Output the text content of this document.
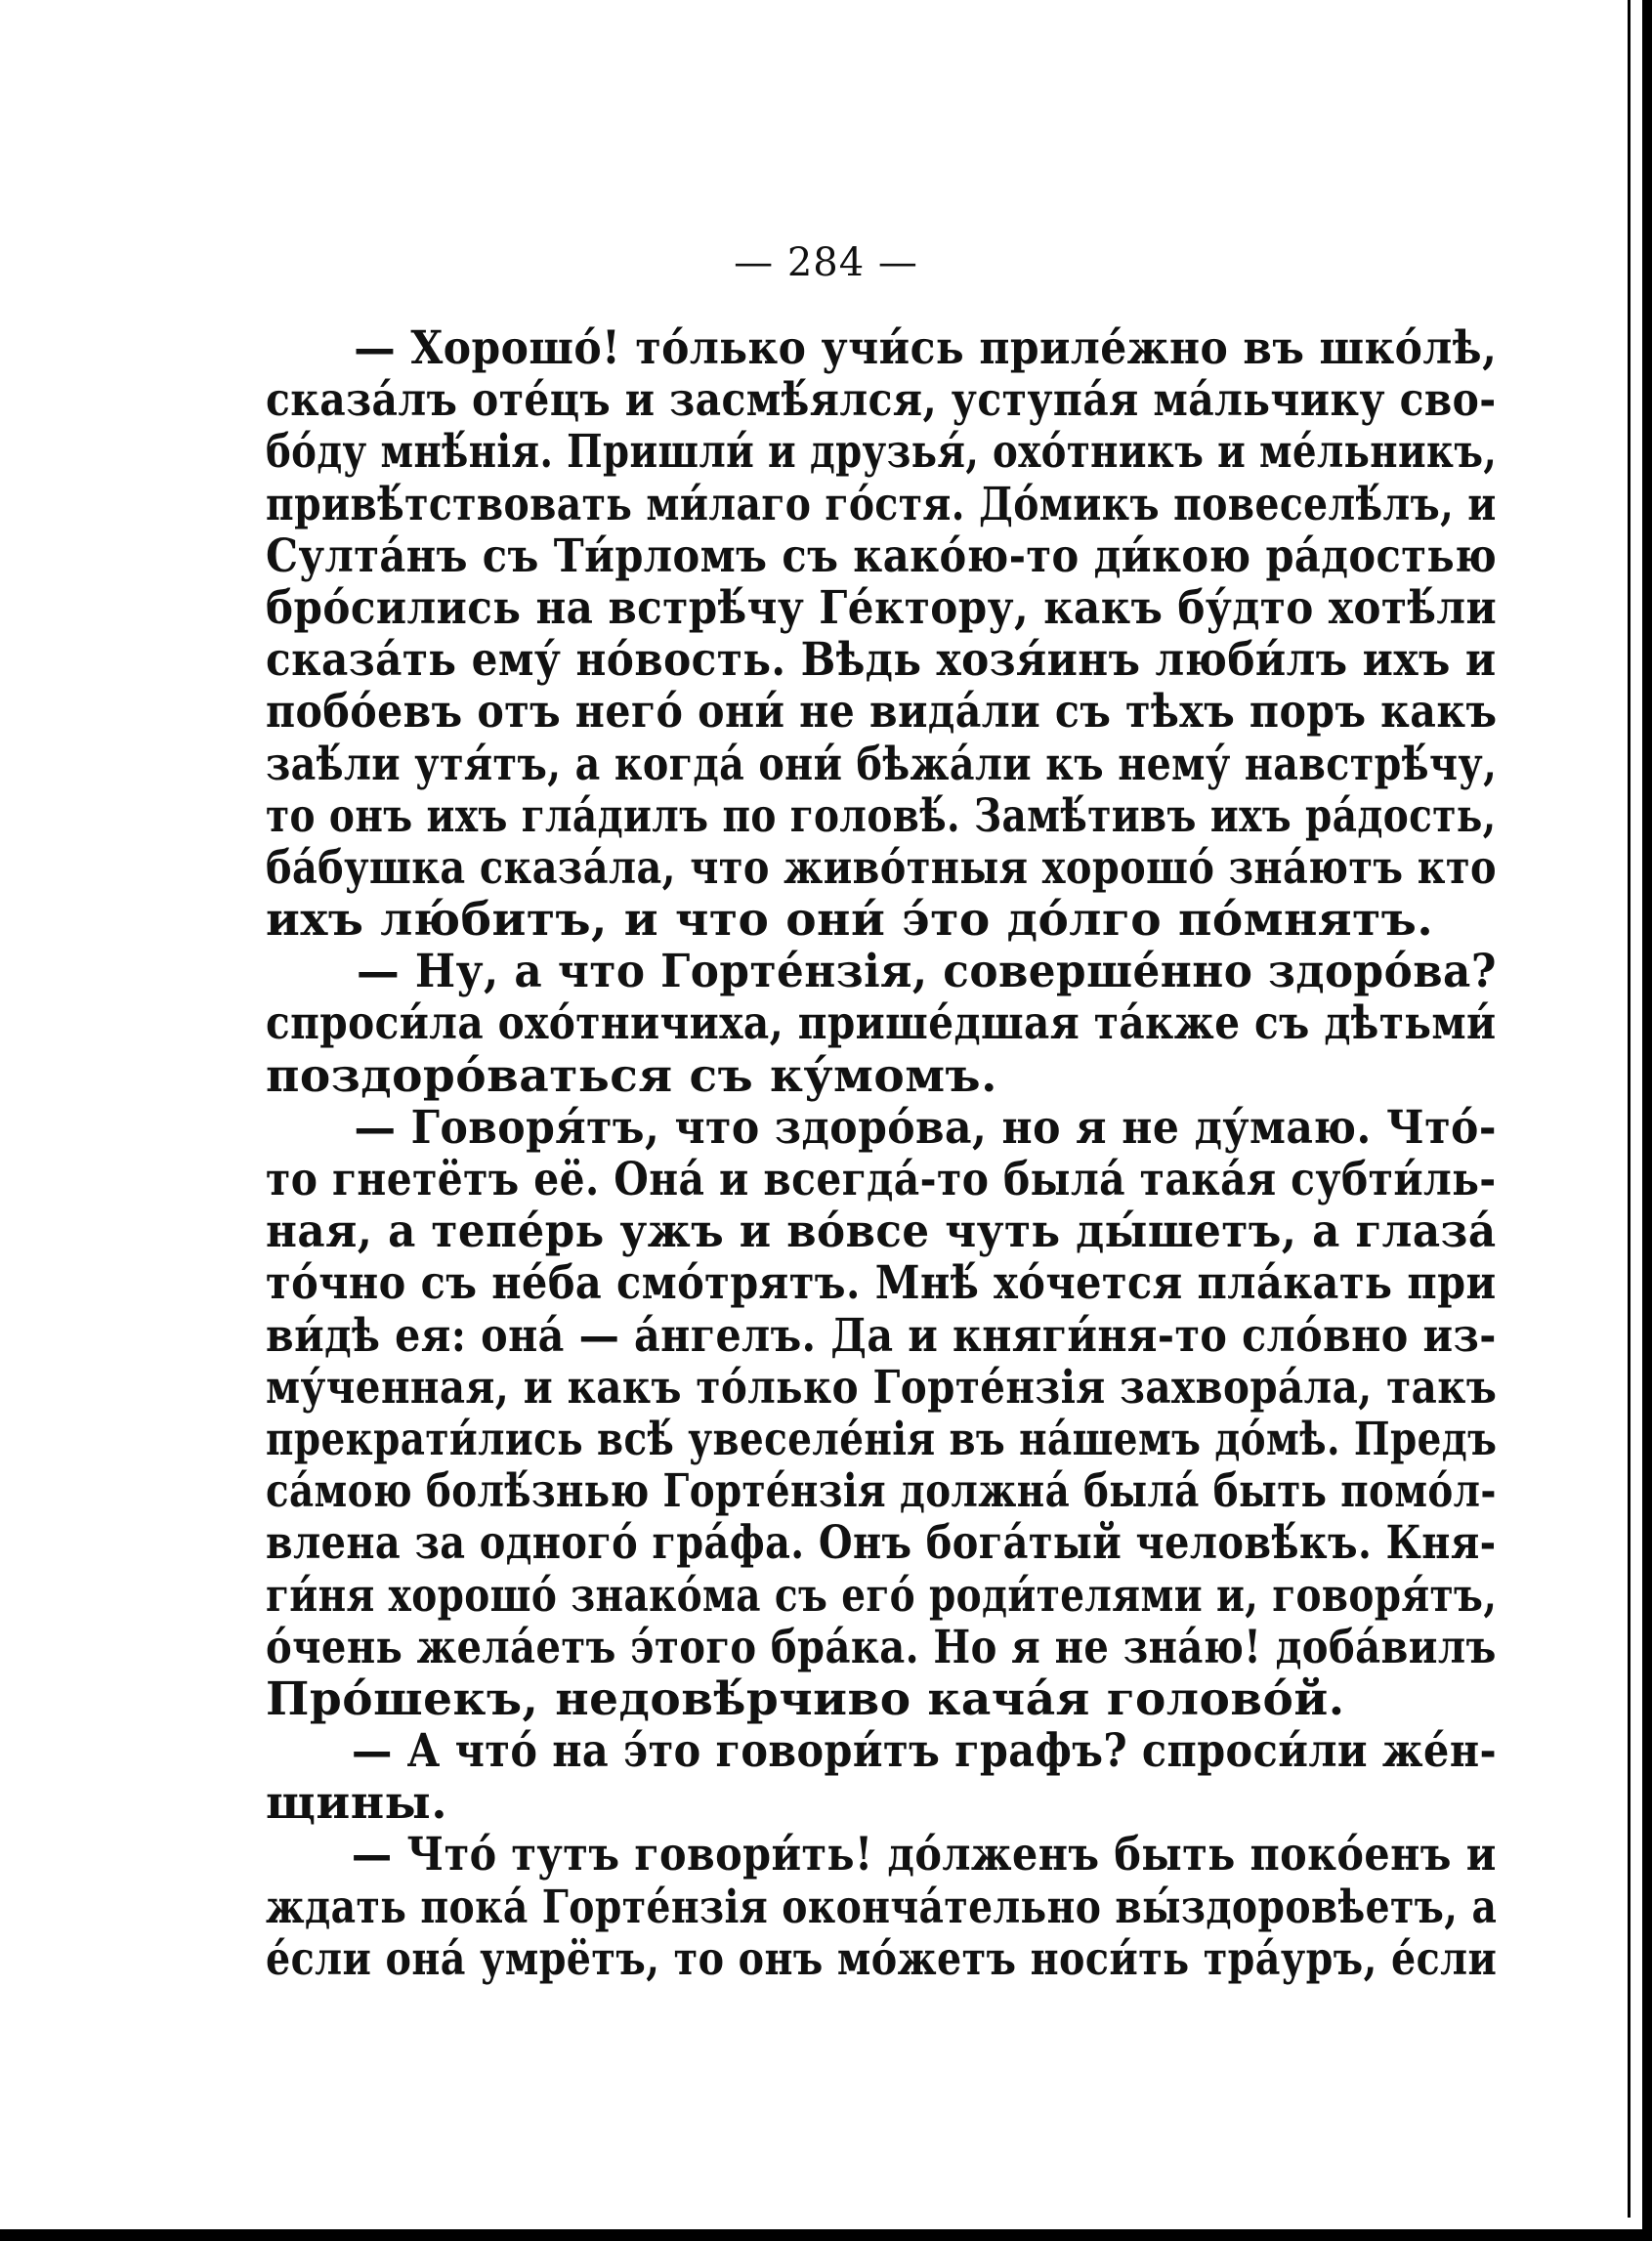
— 284 —
— Хорошо́! то́лько учи́сь приле́жно въ шко́лѣ,
сказа́лъ оте́цъ и засмѣ́ялся, уступа́я ма́льчику сво-
бо́ду мнѣ́нія. Пришли́ и друзья́, охо́тникъ и ме́льникъ,
привѣ́тствовать ми́лаго го́стя. До́микъ повеселѣ́лъ, и
Султа́нъ съ Ти́рломъ съ како́ю-то ди́кою ра́достью
бро́сились на встрѣ́чу Ге́ктору, какъ бу́дто хотѣ́ли
сказа́ть ему́ но́вость. Вѣдь хозя́инъ люби́лъ ихъ и
побо́евъ отъ него́ они́ не вида́ли съ тѣхъ поръ какъ
заѣ́ли утя́тъ, а когда́ они́ бѣжа́ли къ нему́ навстрѣ́чу,
то онъ ихъ гла́дилъ по головѣ́. Замѣ́тивъ ихъ ра́дость,
ба́бушка сказа́ла, что живо́тныя хорошо́ зна́ютъ кто
ихъ лю́битъ, и что они́ э́то до́лго по́мнятъ.
— Ну, а что Горте́нзія, соверше́нно здоро́ва?
спроси́ла охо́тничиха, прише́дшая та́кже съ дѣтьми́
поздоро́ваться съ ку́момъ.
— Говоря́тъ, что здоро́ва, но я не ду́маю. Что́-
то гнетётъ её. Она́ и всегда́-то была́ така́я субти́ль-
ная, а тепе́рь ужъ и во́все чуть ды́шетъ, а глаза́
то́чно съ не́ба смо́трятъ. Мнѣ́ хо́чется пла́кать при
ви́дѣ ея: она́ — а́нгелъ. Да и княги́ня-то сло́вно из-
му́ченная, и какъ то́лько Горте́нзія захвора́ла, такъ
прекрати́лись всѣ́ увеселе́нія въ на́шемъ до́мѣ. Предъ
са́мою болѣ́знью Горте́нзія должна́ была́ быть помо́л-
влена за одного́ гра́фа. Онъ бога́тый человѣ́къ. Кня-
ги́ня хорошо́ знако́ма съ его́ роди́телями и, говоря́тъ,
о́чень жела́етъ э́того бра́ка. Но я не зна́ю! доба́вилъ
Про́шекъ, недовѣ́рчиво кача́я голово́й.
— А что́ на э́то говори́тъ графъ? спроси́ли же́н-
щины.
— Что́ тутъ говори́ть! до́лженъ быть поко́енъ и
ждать пока́ Горте́нзія оконча́тельно вы́здоровѣетъ, а
е́сли она́ умрётъ, то онъ мо́жетъ носи́ть тра́уръ, е́сли
